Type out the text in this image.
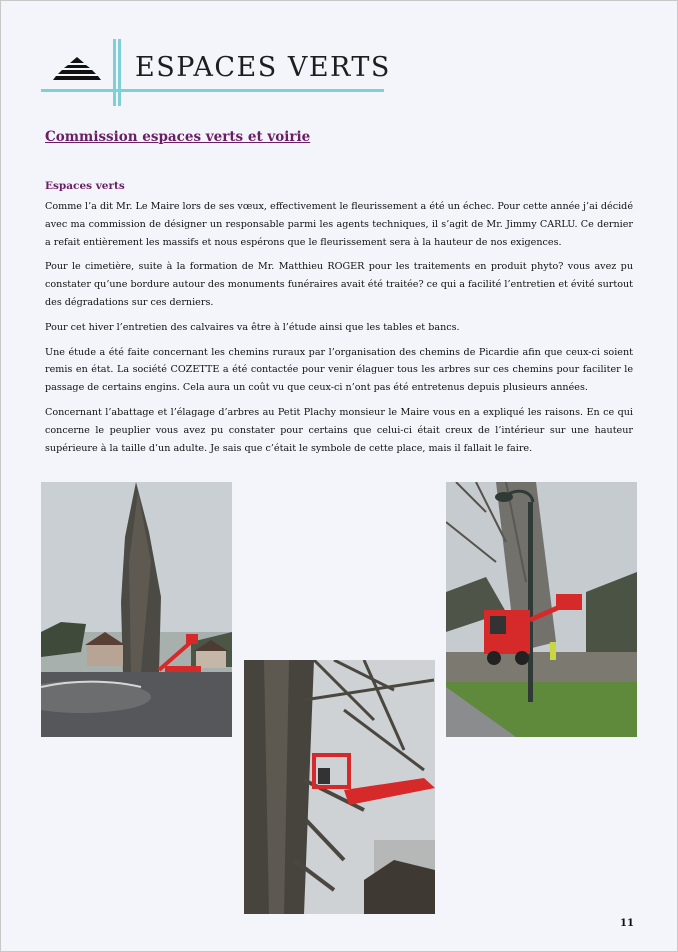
ESPACES VERTS
Commission espaces verts et voirie
Espaces verts

Comme l’a dit Mr. Le Maire lors de ses vœux, effectivement le fleurissement a été un échec. Pour cette année j’ai décidé avec ma commission de désigner un responsable parmi les agents techniques, il s’agit de Mr. Jimmy CARLU. Ce dernier a refait entièrement les massifs et nous espérons que le fleurissement sera à la hauteur de nos exigences.

Pour le cimetière, suite à la formation de Mr. Matthieu ROGER pour les traitements en produit phyto? vous avez pu constater qu’une bordure autour des monuments funéraires avait été traitée? ce qui a facilité l’entretien et évité surtout des dégradations sur ces derniers.

Pour cet hiver l’entretien des calvaires va être à l’étude ainsi que les tables et bancs.

Une étude a été faite concernant les chemins ruraux par l’organisation des chemins de Picardie afin que ceux-ci soient remis en état. La société COZETTE a été contactée pour venir élaguer tous les arbres sur ces chemins pour faciliter le passage de certains engins. Cela aura un coût vu que ceux-ci n’ont pas été entretenus depuis plusieurs années.

Concernant l’abattage et l’élagage d’arbres au Petit Plachy monsieur le Maire vous en a expliqué les raisons. En ce qui concerne le peuplier vous avez pu constater pour certains que celui-ci était creux de l’intérieur sur une hauteur supérieure à la taille d’un adulte. Je sais que c’était le symbole de cette place, mais il fallait le faire.

11
